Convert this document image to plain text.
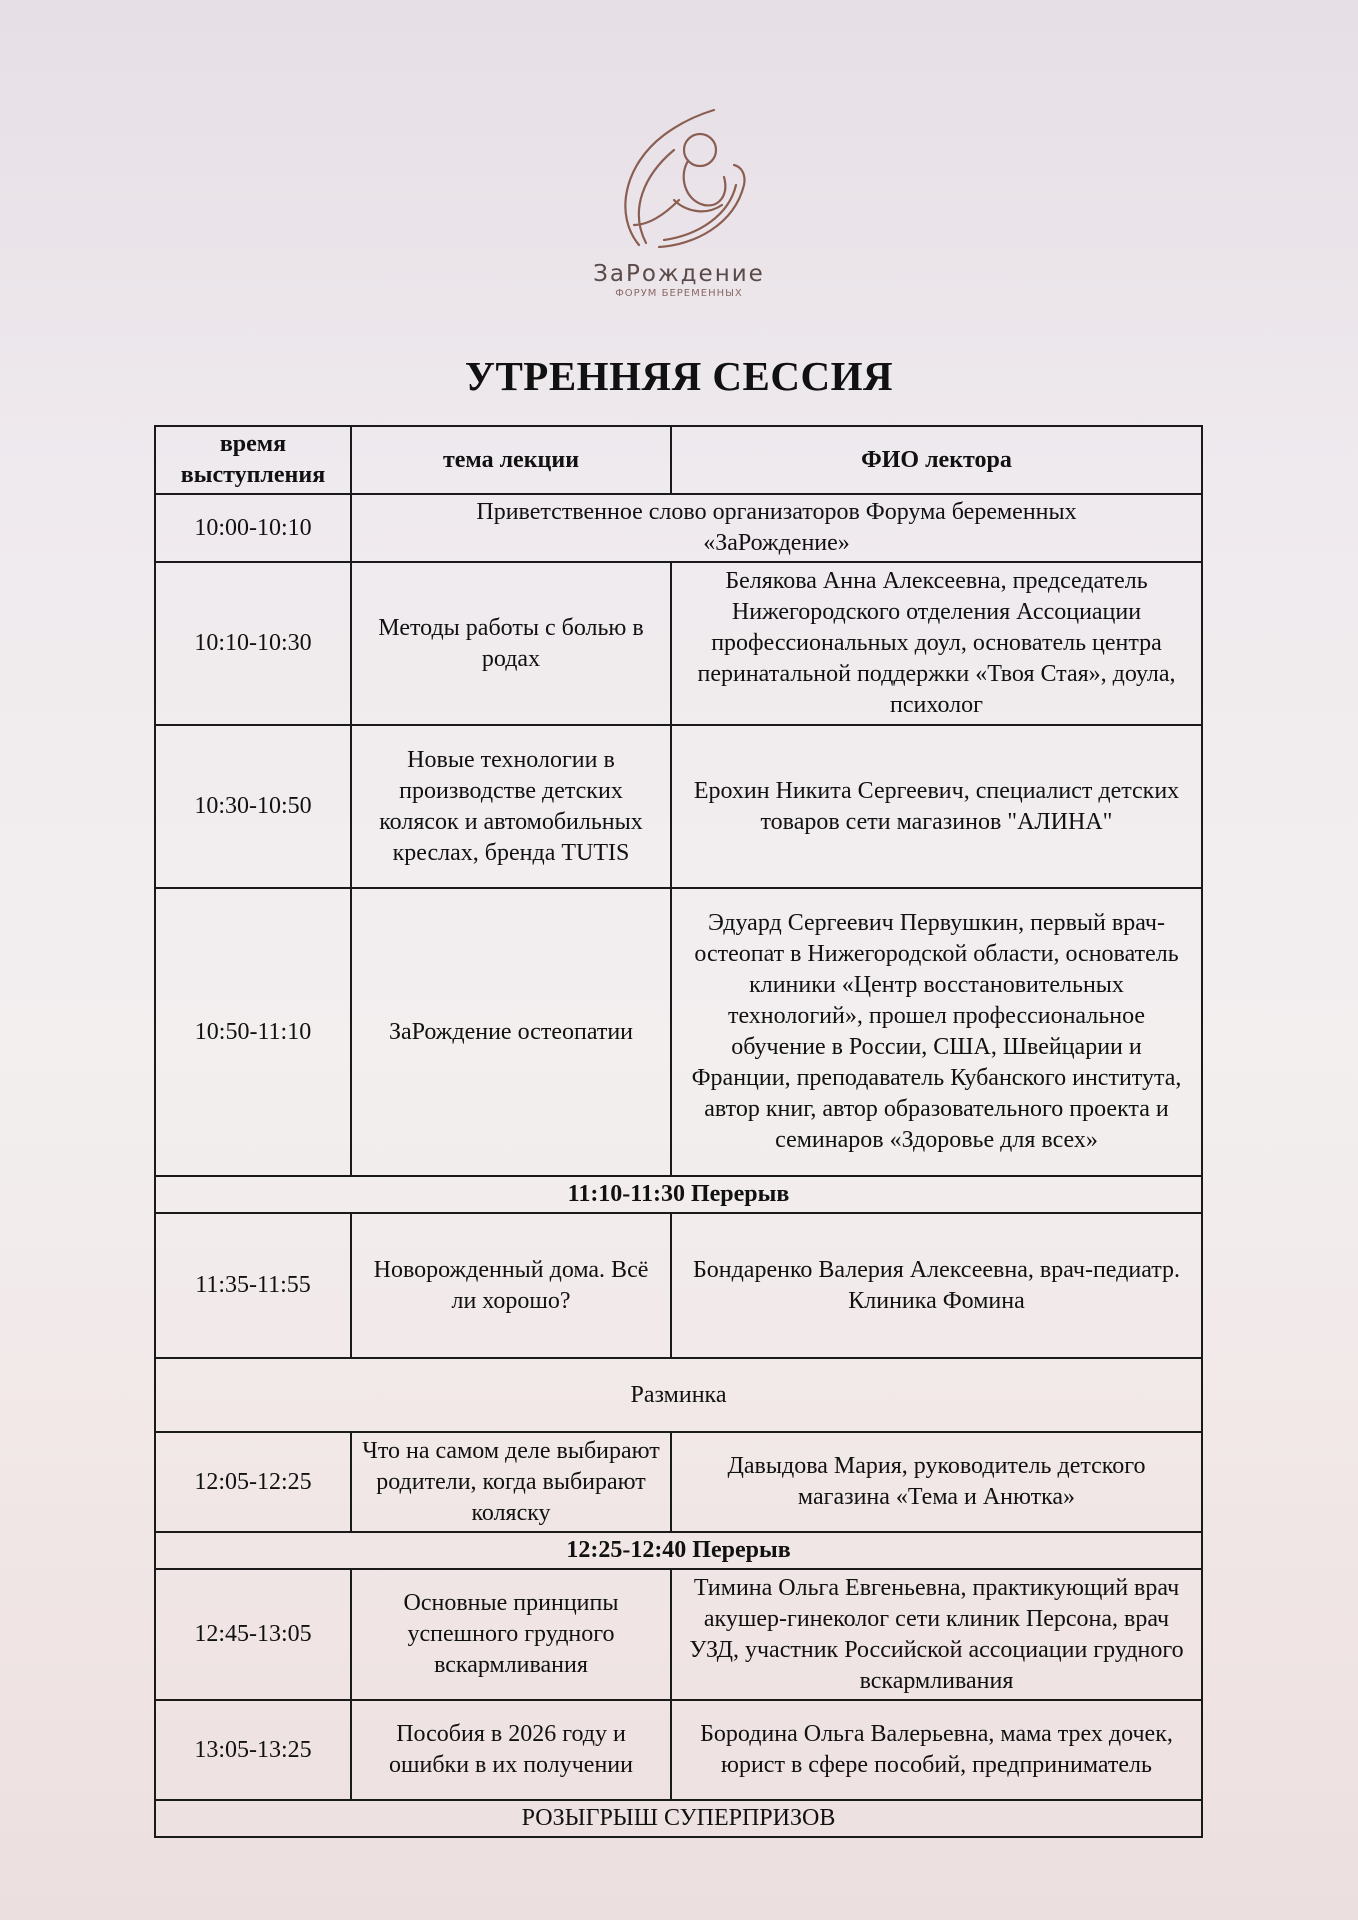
ЗаРождение
ФОРУМ БЕРЕМЕННЫХ
УТРЕННЯЯ СЕССИЯ
время выступления	тема лекции	ФИО лектора
10:00-10:10	Приветственное слово организаторов Форума беременных «ЗаРождение»	
10:10-10:30	Методы работы с болью в родах	Белякова Анна Алексеевна, председатель Нижегородского отделения Ассоциации профессиональных доул, основатель центра перинатальной поддержки «Твоя Стая», доула, психолог
10:30-10:50	Новые технологии в производстве детских колясок и автомобильных креслах, бренда TUTIS	Ерохин Никита Сергеевич, специалист детских товаров сети магазинов "АЛИНА"
10:50-11:10	ЗаРождение остеопатии	Эдуард Сергеевич Первушкин, первый врач-остеопат в Нижегородской области, основатель клиники «Центр восстановительных технологий», прошел профессиональное обучение в России, США, Швейцарии и Франции, преподаватель Кубанского института, автор книг, автор образовательного проекта и семинаров «Здоровье для всех»
11:10-11:30 Перерыв		
11:35-11:55	Новорожденный дома. Всё ли хорошо?	Бондаренко Валерия Алексеевна, врач-педиатр. Клиника Фомина
Разминка		
12:05-12:25	Что на самом деле выбирают родители, когда выбирают коляску	Давыдова Мария, руководитель детского магазина «Тема и Анютка»
12:25-12:40 Перерыв		
12:45-13:05	Основные принципы успешного грудного вскармливания	Тимина Ольга Евгеньевна, практикующий врач акушер-гинеколог сети клиник Персона, врач УЗД, участник Российской ассоциации грудного вскармливания
13:05-13:25	Пособия в 2026 году и ошибки в их получении	Бородина Ольга Валерьевна, мама трех дочек, юрист в сфере пособий, предприниматель
РОЗЫГРЫШ СУПЕРПРИЗОВ		
